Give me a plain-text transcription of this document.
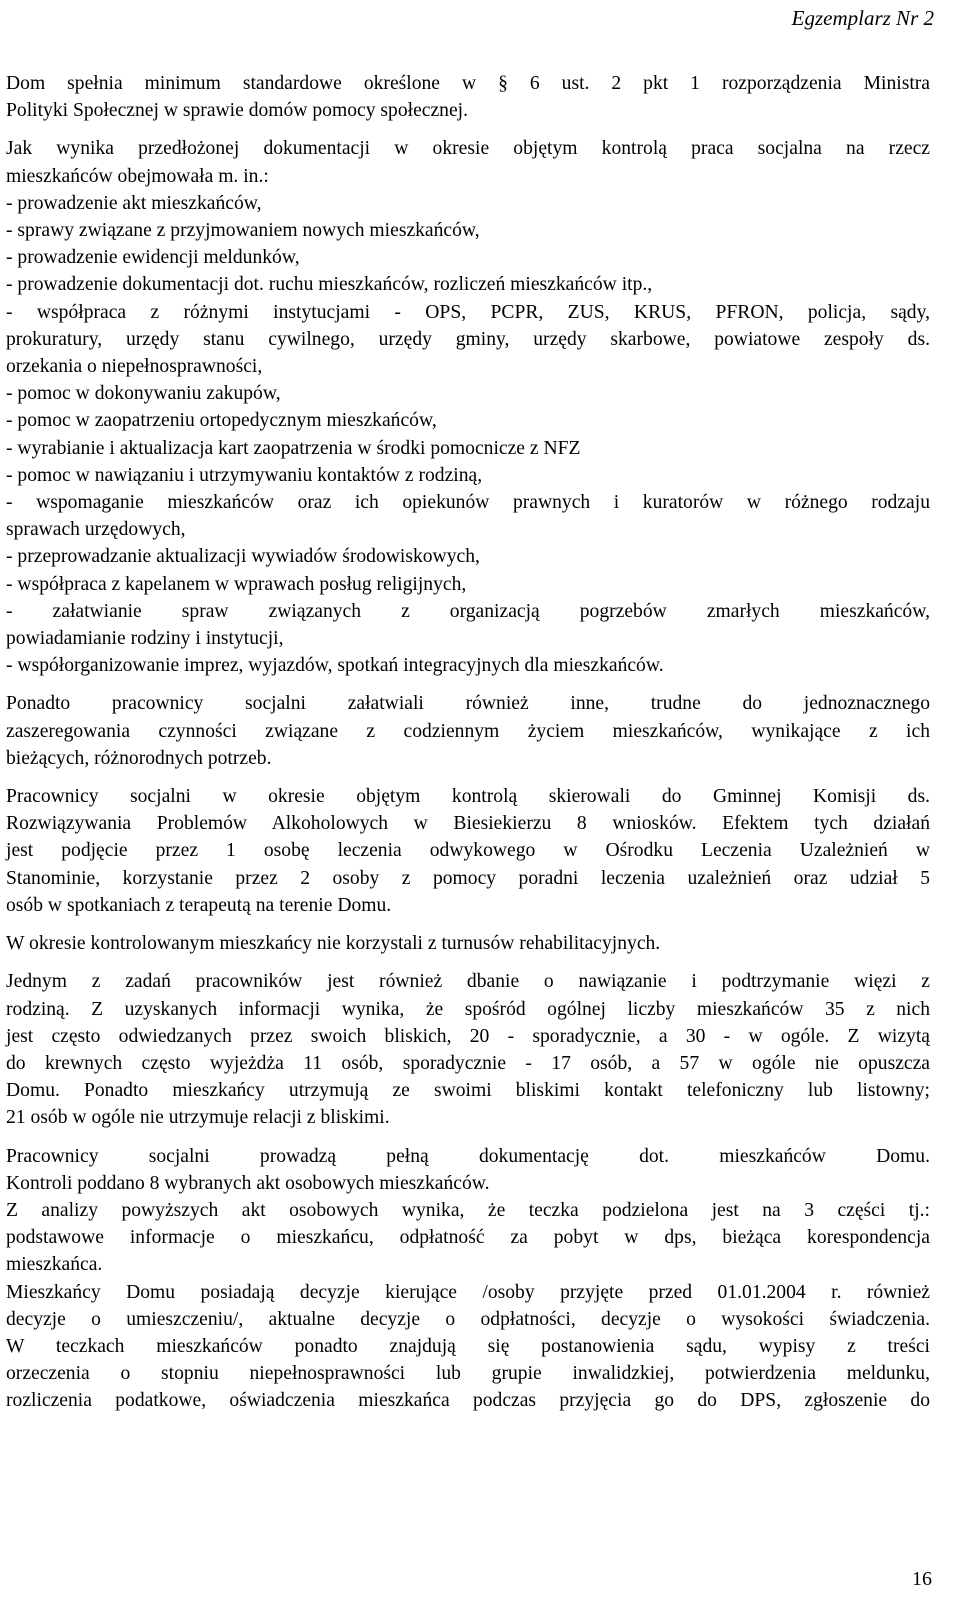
Egzemplarz Nr 2
Dom spełnia minimum standardowe określone w § 6 ust. 2 pkt 1 rozporządzenia Ministra
Polityki Społecznej w sprawie domów pomocy społecznej.
Jak wynika przedłożonej dokumentacji w okresie objętym kontrolą praca socjalna na rzecz
mieszkańców obejmowała m. in.:
- prowadzenie akt mieszkańców,
- sprawy związane z przyjmowaniem nowych mieszkańców,
- prowadzenie ewidencji meldunków,
- prowadzenie dokumentacji dot. ruchu mieszkańców, rozliczeń mieszkańców itp.,
- współpraca z różnymi instytucjami - OPS, PCPR, ZUS, KRUS, PFRON, policja, sądy,
prokuratury, urzędy stanu cywilnego, urzędy gminy, urzędy skarbowe, powiatowe zespoły ds.
orzekania o niepełnosprawności,
- pomoc w dokonywaniu zakupów,
- pomoc w zaopatrzeniu ortopedycznym mieszkańców,
- wyrabianie i aktualizacja kart zaopatrzenia w środki pomocnicze z NFZ
- pomoc w nawiązaniu i utrzymywaniu kontaktów z rodziną,
- wspomaganie mieszkańców oraz ich opiekunów prawnych i kuratorów w różnego rodzaju
sprawach urzędowych,
- przeprowadzanie aktualizacji wywiadów środowiskowych,
- współpraca z kapelanem w wprawach posług religijnych,
- załatwianie spraw związanych z organizacją pogrzebów zmarłych mieszkańców,
powiadamianie rodziny i instytucji,
- współorganizowanie imprez, wyjazdów, spotkań integracyjnych dla mieszkańców.
Ponadto pracownicy socjalni załatwiali również inne, trudne do jednoznacznego
zaszeregowania czynności związane z codziennym życiem mieszkańców, wynikające z ich
bieżących, różnorodnych potrzeb.
Pracownicy socjalni w okresie objętym kontrolą skierowali do Gminnej Komisji ds.
Rozwiązywania Problemów Alkoholowych w Biesiekierzu 8 wniosków. Efektem tych działań
jest podjęcie przez 1 osobę leczenia odwykowego w Ośrodku Leczenia Uzależnień w
Stanominie, korzystanie przez 2 osoby z pomocy poradni leczenia uzależnień oraz udział 5
osób w spotkaniach z terapeutą na terenie Domu.
W okresie kontrolowanym mieszkańcy nie korzystali z turnusów rehabilitacyjnych.
Jednym z zadań pracowników jest również dbanie o nawiązanie i podtrzymanie więzi z
rodziną. Z uzyskanych informacji wynika, że spośród ogólnej liczby mieszkańców 35 z nich
jest często odwiedzanych przez swoich bliskich, 20 - sporadycznie, a 30 - w ogóle. Z wizytą
do krewnych często wyjeżdża 11 osób, sporadycznie - 17 osób, a 57 w ogóle nie opuszcza
Domu. Ponadto mieszkańcy utrzymują ze swoimi bliskimi kontakt telefoniczny lub listowny;
21 osób w ogóle nie utrzymuje relacji z bliskimi.
Pracownicy socjalni prowadzą pełną dokumentację dot. mieszkańców Domu.
Kontroli poddano 8 wybranych akt osobowych mieszkańców.
Z analizy powyższych akt osobowych wynika, że teczka podzielona jest na 3 części tj.:
podstawowe informacje o mieszkańcu, odpłatność za pobyt w dps, bieżąca korespondencja
mieszkańca.
Mieszkańcy Domu posiadają decyzje kierujące /osoby przyjęte przed 01.01.2004 r. również
decyzje o umieszczeniu/, aktualne decyzje o odpłatności, decyzje o wysokości świadczenia.
W teczkach mieszkańców ponadto znajdują się postanowienia sądu, wypisy z treści
orzeczenia o stopniu niepełnosprawności lub grupie inwalidzkiej, potwierdzenia meldunku,
rozliczenia podatkowe, oświadczenia mieszkańca podczas przyjęcia go do DPS, zgłoszenie do
16
